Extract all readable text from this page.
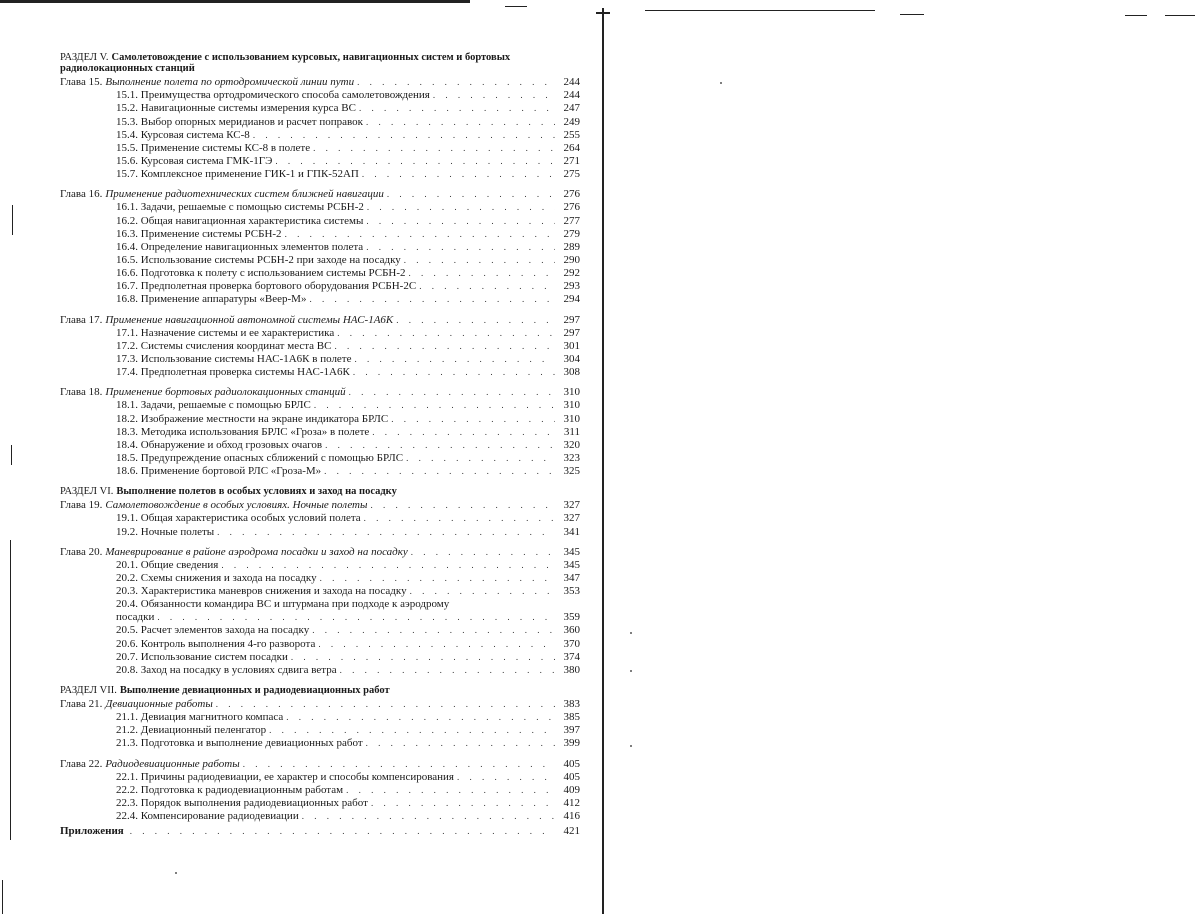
РАЗДЕЛ V. Самолетовождение с использованием курсовых, навигационных систем и бортовых радиолокационных станций
Глава 15. Выполнение полета по ортодромической линии пути . . .	244
15.1. Преимущества ортодромического способа самолетовождения . . .	244
15.2. Навигационные системы измерения курса ВС . . .	247
15.3. Выбор опорных меридианов и расчет поправок . . .	249
15.4. Курсовая система КС-8 . . .	255
15.5. Применение системы КС-8 в полете . . .	264
15.6. Курсовая система ГМК-1ГЭ . . .	271
15.7. Комплексное применение ГИК-1 и ГПК-52АП . . .	275
Глава 16. Применение радиотехнических систем ближней навигации . . .	276
16.1. Задачи, решаемые с помощью системы РСБН-2 . . .	276
16.2. Общая навигационная характеристика системы . . .	277
16.3. Применение системы РСБН-2 . . .	279
16.4. Определение навигационных элементов полета . . .	289
16.5. Использование системы РСБН-2 при заходе на посадку . . .	290
16.6. Подготовка к полету с использованием системы РСБН-2 . . .	292
16.7. Предполетная проверка бортового оборудования РСБН-2С . . .	293
16.8. Применение аппаратуры «Веер-М» . . .	294
Глава 17. Применение навигационной автономной системы НАС-1А6К . . .	297
17.1. Назначение системы и ее характеристика . . .	297
17.2. Системы счисления координат места ВС . . .	301
17.3. Использование системы НАС-1А6К в полете . . .	304
17.4. Предполетная проверка системы НАС-1А6К . . .	308
Глава 18. Применение бортовых радиолокационных станций . . .	310
18.1. Задачи, решаемые с помощью БРЛС . . .	310
18.2. Изображение местности на экране индикатора БРЛС . . .	310
18.3. Методика использования БРЛС «Гроза» в полете . . .	311
18.4. Обнаружение и обход грозовых очагов . . .	320
18.5. Предупреждение опасных сближений с помощью БРЛС . . .	323
18.6. Применение бортовой РЛС «Гроза-М» . . .	325
РАЗДЕЛ VI. Выполнение полетов в особых условиях и заход на посадку
Глава 19. Самолетовождение в особых условиях. Ночные полеты . . .	327
19.1. Общая характеристика особых условий полета . . .	327
19.2. Ночные полеты . . .	341
Глава 20. Маневрирование в районе аэродрома посадки и заход на посадку . . .	345
20.1. Общие сведения . . .	345
20.2. Схемы снижения и захода на посадку . . .	347
20.3. Характеристика маневров снижения и захода на посадку . . .	353
20.4. Обязанности командира ВС и штурмана при подходе к аэродрому
посадки . . .	359
20.5. Расчет элементов захода на посадку . . .	360
20.6. Контроль выполнения 4-го разворота . . .	370
20.7. Использование систем посадки . . .	374
20.8. Заход на посадку в условиях сдвига ветра . . .	380
РАЗДЕЛ VII. Выполнение девиационных и радиодевиационных работ
Глава 21. Девиационные работы . . .	383
21.1. Девиация магнитного компаса . . .	385
21.2. Девиационный пеленгатор . . .	397
21.3. Подготовка и выполнение девиационных работ . . .	399
Глава 22. Радиодевиационные работы . . .	405
22.1. Причины радиодевиации, ее характер и способы компенсирования . . .	405
22.2. Подготовка к радиодевиационным работам . . .	409
22.3. Порядок выполнения радиодевиационных работ . . .	412
22.4. Компенсирование радиодевиации . . .	416
Приложения . . .	421
